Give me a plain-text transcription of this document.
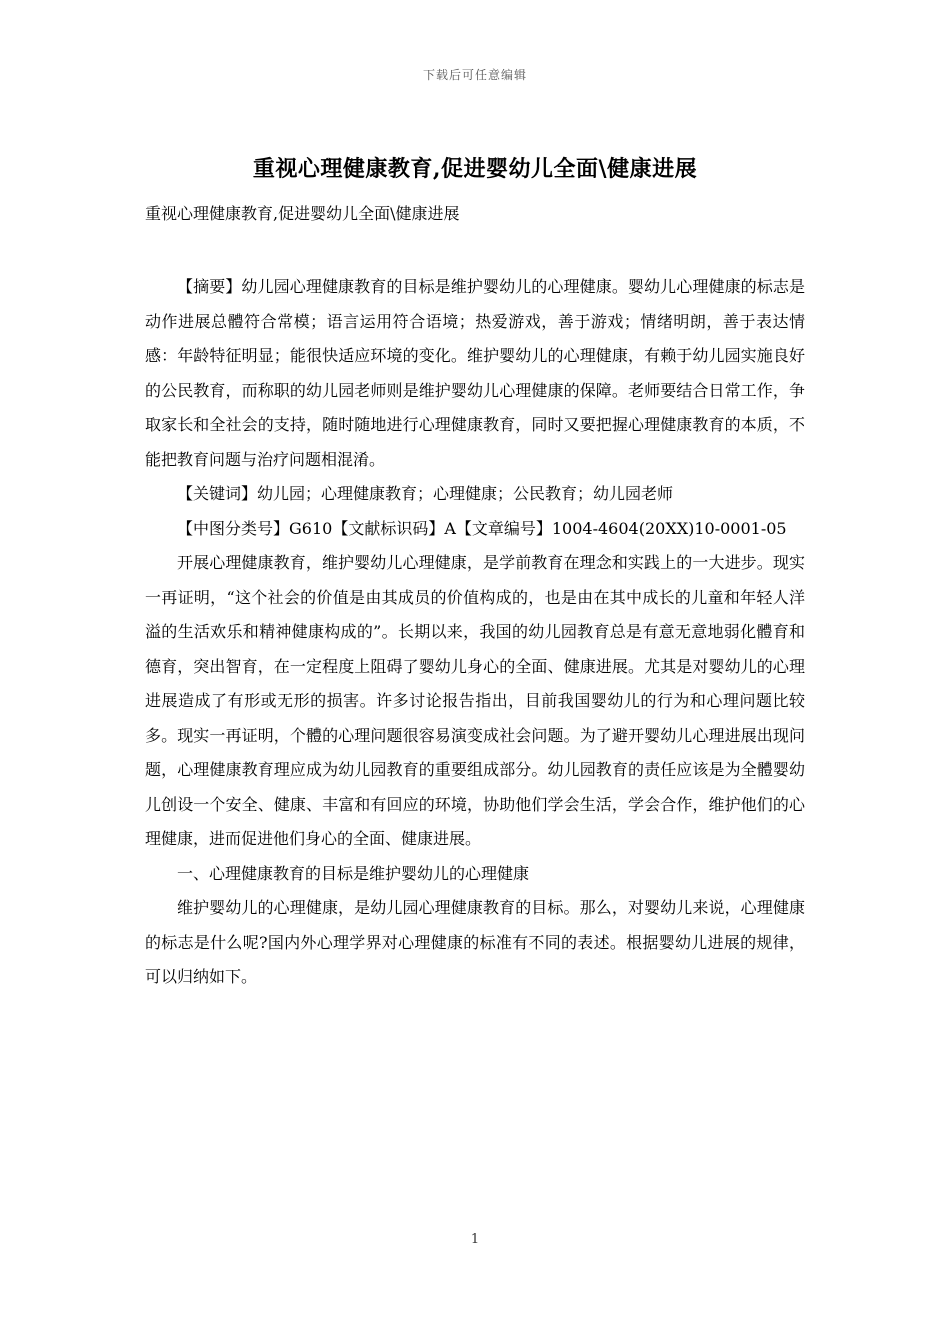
下载后可任意编辑
重视心理健康教育,促进婴幼儿全面\健康进展
重视心理健康教育,促进婴幼儿全面\健康进展

【摘要】幼儿园心理健康教育的目标是维护婴幼儿的心理健康。婴幼儿心理健康的标志是动作进展总體符合常模；语言运用符合语境；热爱游戏，善于游戏；情绪明朗，善于表达情感：年龄特征明显；能很快适应环境的变化。维护婴幼儿的心理健康，有赖于幼儿园实施良好的公民教育，而称职的幼儿园老师则是维护婴幼儿心理健康的保障。老师要结合日常工作，争取家长和全社会的支持，随时随地进行心理健康教育，同时又要把握心理健康教育的本质，不能把教育问题与治疗问题相混淆。

【关键词】幼儿园；心理健康教育；心理健康；公民教育；幼儿园老师

【中图分类号】G610【文献标识码】A【文章编号】1004-4604(20XX)10-0001-05

开展心理健康教育，维护婴幼儿心理健康，是学前教育在理念和实践上的一大进步。现实一再证明，“这个社会的价值是由其成员的价值构成的，也是由在其中成长的儿童和年轻人洋溢的生活欢乐和精神健康构成的”。长期以来，我国的幼儿园教育总是有意无意地弱化體育和德育，突出智育，在一定程度上阻碍了婴幼儿身心的全面、健康进展。尤其是对婴幼儿的心理进展造成了有形或无形的损害。许多讨论报告指出，目前我国婴幼儿的行为和心理问题比较多。现实一再证明，个體的心理问题很容易演变成社会问题。为了避开婴幼儿心理进展出现问题，心理健康教育理应成为幼儿园教育的重要组成部分。幼儿园教育的责任应该是为全體婴幼儿创设一个安全、健康、丰富和有回应的环境，协助他们学会生活，学会合作，维护他们的心理健康，进而促进他们身心的全面、健康进展。

一、心理健康教育的目标是维护婴幼儿的心理健康

维护婴幼儿的心理健康，是幼儿园心理健康教育的目标。那么，对婴幼儿来说，心理健康的标志是什么呢?国内外心理学界对心理健康的标准有不同的表述。根据婴幼儿进展的规律，可以归纳如下。

1
